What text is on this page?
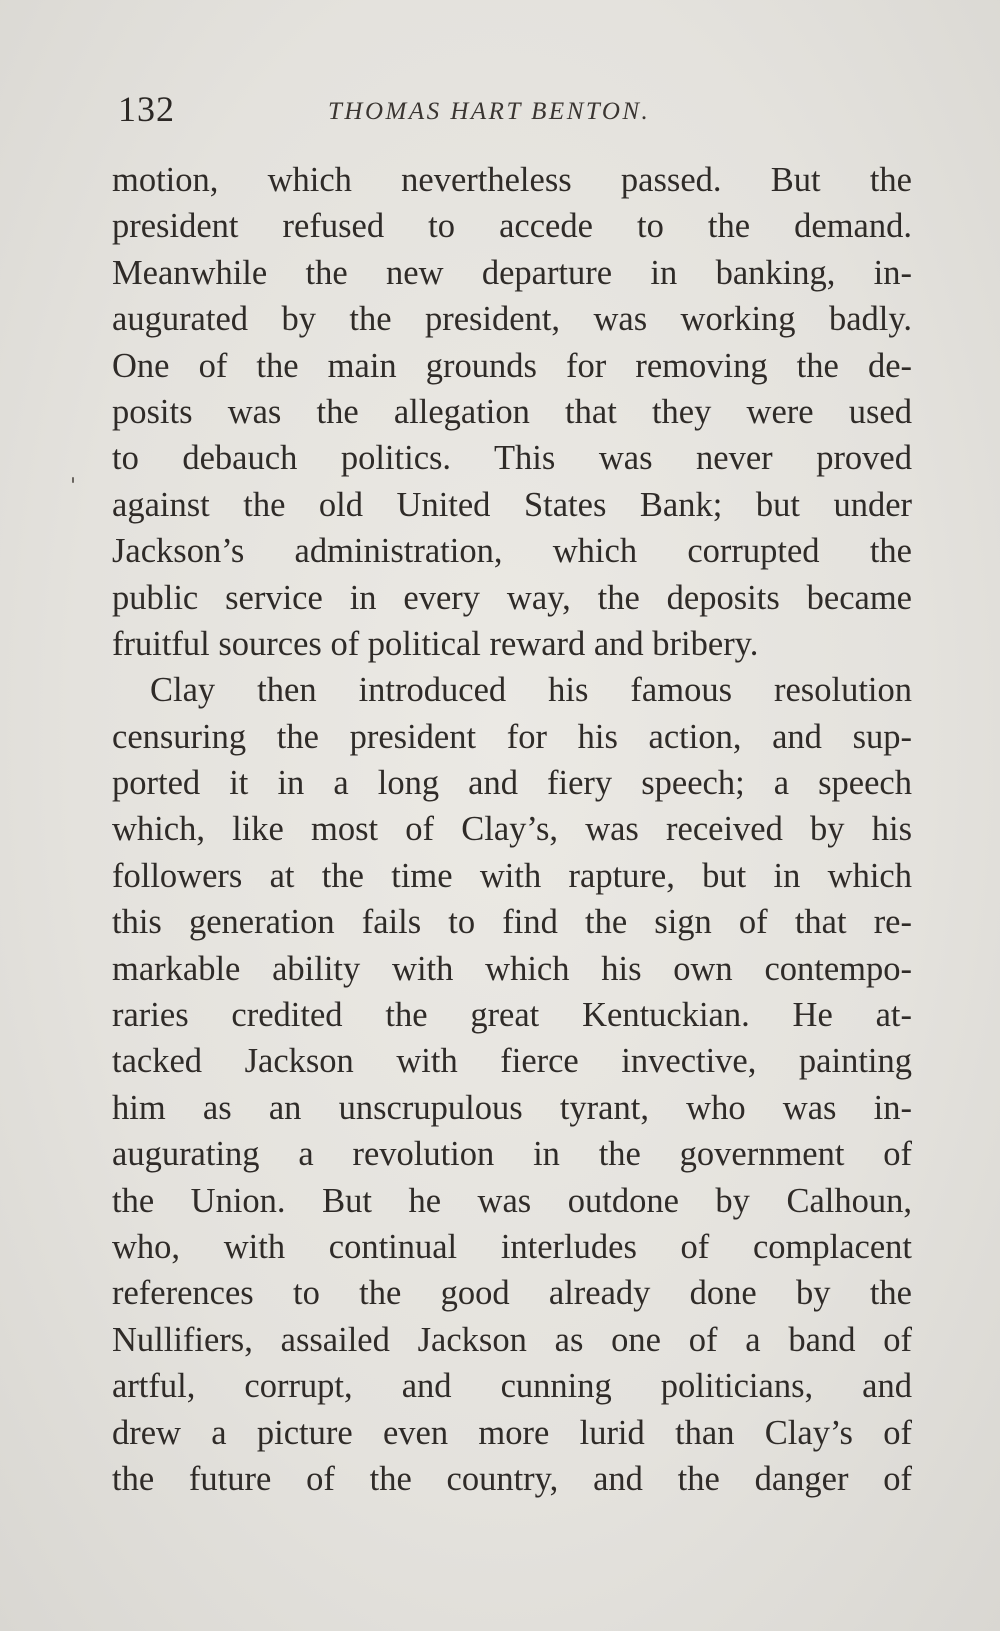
132	THOMAS HART BENTON.
motion, which nevertheless passed. But the
president refused to accede to the demand.
Meanwhile the new departure in banking, in-
augurated by the president, was working badly.
One of the main grounds for removing the de-
posits was the allegation that they were used
to debauch politics. This was never proved
against the old United States Bank; but under
Jackson’s administration, which corrupted the
public service in every way, the deposits became
fruitful sources of political reward and bribery.
Clay then introduced his famous resolution
censuring the president for his action, and sup-
ported it in a long and fiery speech; a speech
which, like most of Clay’s, was received by his
followers at the time with rapture, but in which
this generation fails to find the sign of that re-
markable ability with which his own contempo-
raries credited the great Kentuckian. He at-
tacked Jackson with fierce invective, painting
him as an unscrupulous tyrant, who was in-
augurating a revolution in the government of
the Union. But he was outdone by Calhoun,
who, with continual interludes of complacent
references to the good already done by the
Nullifiers, assailed Jackson as one of a band of
artful, corrupt, and cunning politicians, and
drew a picture even more lurid than Clay’s of
the future of the country, and the danger of
